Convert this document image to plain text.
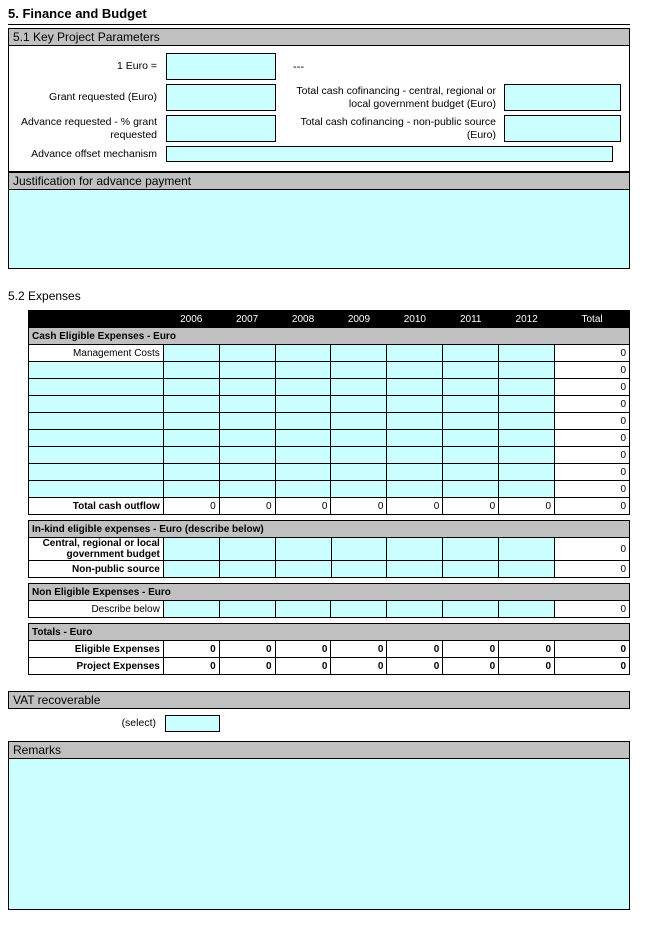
5. Finance and Budget
5.1 Key Project Parameters
1 Euro =	---
Grant requested (Euro)
Total cash cofinancing - central, regional or local government budget (Euro)
Advance requested - % grant requested
Total cash cofinancing - non-public source (Euro)
Advance offset mechanism
Justification for advance payment
5.2 Expenses
	2006	2007	2008	2009	2010	2011	2012	Total
Cash Eligible Expenses - Euro								
Management Costs								0
								0
								0
								0
								0
								0
								0
								0
								0
Total cash outflow	0	0	0	0	0	0	0	0
In-kind eligible expenses - Euro (describe below)								
Central, regional or local government budget								0
Non-public source								0
Non Eligible Expenses - Euro
Describe below								0
Totals - Euro								
Eligible Expenses	0	0	0	0	0	0	0	0
Project Expenses	0	0	0	0	0	0	0	0
VAT recoverable
(select)
Remarks
